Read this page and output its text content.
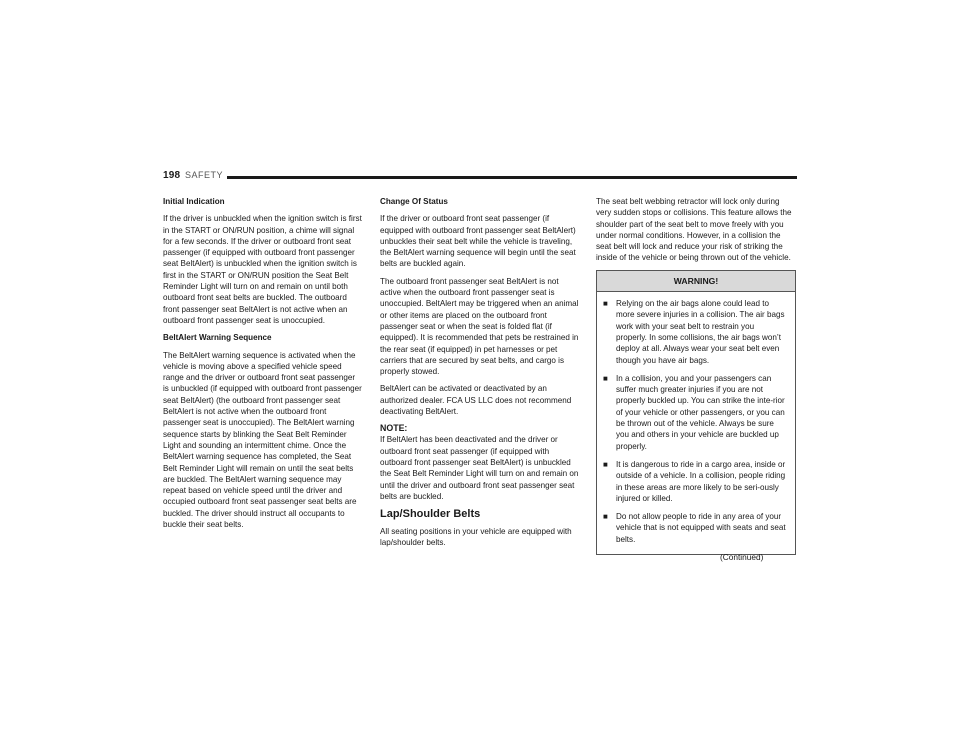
198 SAFETY

Initial Indication

If the driver is unbuckled when the ignition switch is first in the START or ON/RUN position, a chime will signal for a few seconds. If the driver or outboard front seat passenger (if equipped with outboard front passenger seat BeltAlert) is unbuckled when the ignition switch is first in the START or ON/RUN position the Seat Belt Reminder Light will turn on and remain on until both outboard front seat belts are buckled. The outboard front passenger seat BeltAlert is not active when an outboard front passenger seat is unoccupied.

BeltAlert Warning Sequence

The BeltAlert warning sequence is activated when the vehicle is moving above a specified vehicle speed range and the driver or outboard front seat passenger is unbuckled (if equipped with outboard front passenger seat BeltAlert) (the outboard front passenger seat BeltAlert is not active when the outboard front passenger seat is unoccupied). The BeltAlert warning sequence starts by blinking the Seat Belt Reminder Light and sounding an intermittent chime. Once the BeltAlert warning sequence has completed, the Seat Belt Reminder Light will remain on until the seat belts are buckled. The BeltAlert warning sequence may repeat based on vehicle speed until the driver and occupied outboard front seat passenger seat belts are buckled. The driver should instruct all occupants to buckle their seat belts.

Change Of Status

If the driver or outboard front seat passenger (if equipped with outboard front passenger seat BeltAlert) unbuckles their seat belt while the vehicle is traveling, the BeltAlert warning sequence will begin until the seat belts are buckled again.

The outboard front passenger seat BeltAlert is not active when the outboard front passenger seat is unoccupied. BeltAlert may be triggered when an animal or other items are placed on the outboard front passenger seat or when the seat is folded flat (if equipped). It is recommended that pets be restrained in the rear seat (if equipped) in pet harnesses or pet carriers that are secured by seat belts, and cargo is properly stowed.

BeltAlert can be activated or deactivated by an authorized dealer. FCA US LLC does not recommend deactivating BeltAlert.

NOTE:

If BeltAlert has been deactivated and the driver or outboard front seat passenger (if equipped with outboard front passenger seat BeltAlert) is unbuckled the Seat Belt Reminder Light will turn on and remain on until the driver and outboard front seat passenger seat belts are buckled.

Lap/Shoulder Belts

All seating positions in your vehicle are equipped with lap/shoulder belts.

The seat belt webbing retractor will lock only during very sudden stops or collisions. This feature allows the shoulder part of the seat belt to move freely with you under normal conditions. However, in a collision the seat belt will lock and reduce your risk of striking the inside of the vehicle or being thrown out of the vehicle.

WARNING!
■	Relying on the air bags alone could lead to more severe injuries in a collision. The air bags work with your seat belt to restrain you properly. In some collisions, the air bags won’t deploy at all. Always wear your seat belt even though you have air bags.
■	In a collision, you and your passengers can suffer much greater injuries if you are not properly buckled up. You can strike the inte-rior of your vehicle or other passengers, or you can be thrown out of the vehicle. Always be sure you and others in your vehicle are buckled up properly.
■	It is dangerous to ride in a cargo area, inside or outside of a vehicle. In a collision, people riding in these areas are more likely to be seri-ously injured or killed.
■	Do not allow people to ride in any area of your vehicle that is not equipped with seats and seat belts.
(Continued)
